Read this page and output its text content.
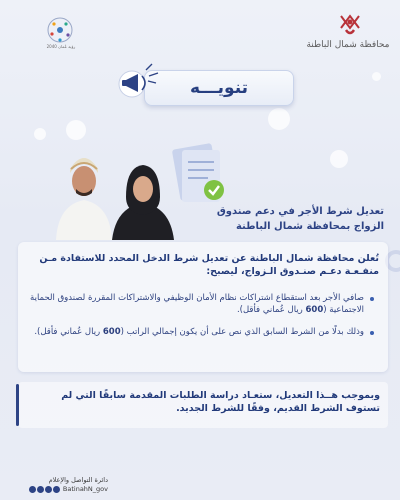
محافظة شمال الباطنة
رؤية عُمان 2040
تنويـــه
تعديل شرط الأجر في دعم صندوق الزواج بمحافظة شمال الباطنة
تُعلن محافظة شمال الباطنة عن تعديل شرط الدخل المحدد للاستفادة مـن منفـعـة دعـم صنـدوق الـزواج، ليصبح:
صافي الأجر بعد استقطاع اشتراكات نظام الأمان الوظيفي والاشتراكات المقررة لصندوق الحماية الاجتماعية (600 ريال عُماني فأقل).
وذلك بدلًا من الشرط السابق الذي نص على أن يكون إجمالي الراتب (600 ريال عُماني فأقل).
وبموجب هــذا التعديل، ستعـاد دراسة الطلبات المقدمة سابقًا التي لم تستوف الشرط القديم، وفقًا للشرط الجديد.
دائرة التواصل والإعلام
BatinahN_gov
